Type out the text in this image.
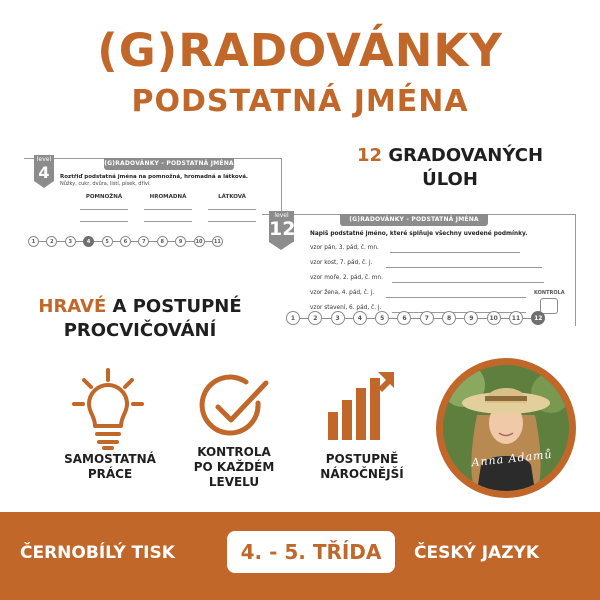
(G)RADOVÁNKY
PODSTATNÁ JMÉNA
level
4	(G)RADOVÁNKY - PODSTATNÁ JMÉNA
Roztřiď podstatná jména na pomnožná, hromadná a látková.
Nůžky, cukr, dvůra, listí, písek, dříví.
POMNOŽNÁ	HROMADNÁ	LÁTKOVÁ
1	2	3	4	5	6	7	8	9	10	11
12 GRADOVANÝCH
ÚLOH
level
12	(G)RADOVÁNKY - PODSTATNÁ JMÉNA
Napiš podstatné jméno, které splňuje všechny uvedené podmínky.
vzor pán, 3. pád, č. mn.
vzor kost, 7. pád, č. j.
vzor moře, 2. pád, č. mn.
vzor žena, 4. pád, č. j.
vzor stavení, 6. pád, č. j.
KONTROLA
1	2	3	4	5	6	7	8	9	10	11	12
HRAVÉ A POSTUPNÉ
PROCVIČOVÁNÍ
SAMOSTATNÁ
PRÁCE
KONTROLA
PO KAŽDÉM
LEVELU
POSTUPNĚ
NÁROČNĚJŠÍ
Anna Adamů
ČERNOBÍLÝ TISK	4. - 5. TŘÍDA	ČESKÝ JAZYK
